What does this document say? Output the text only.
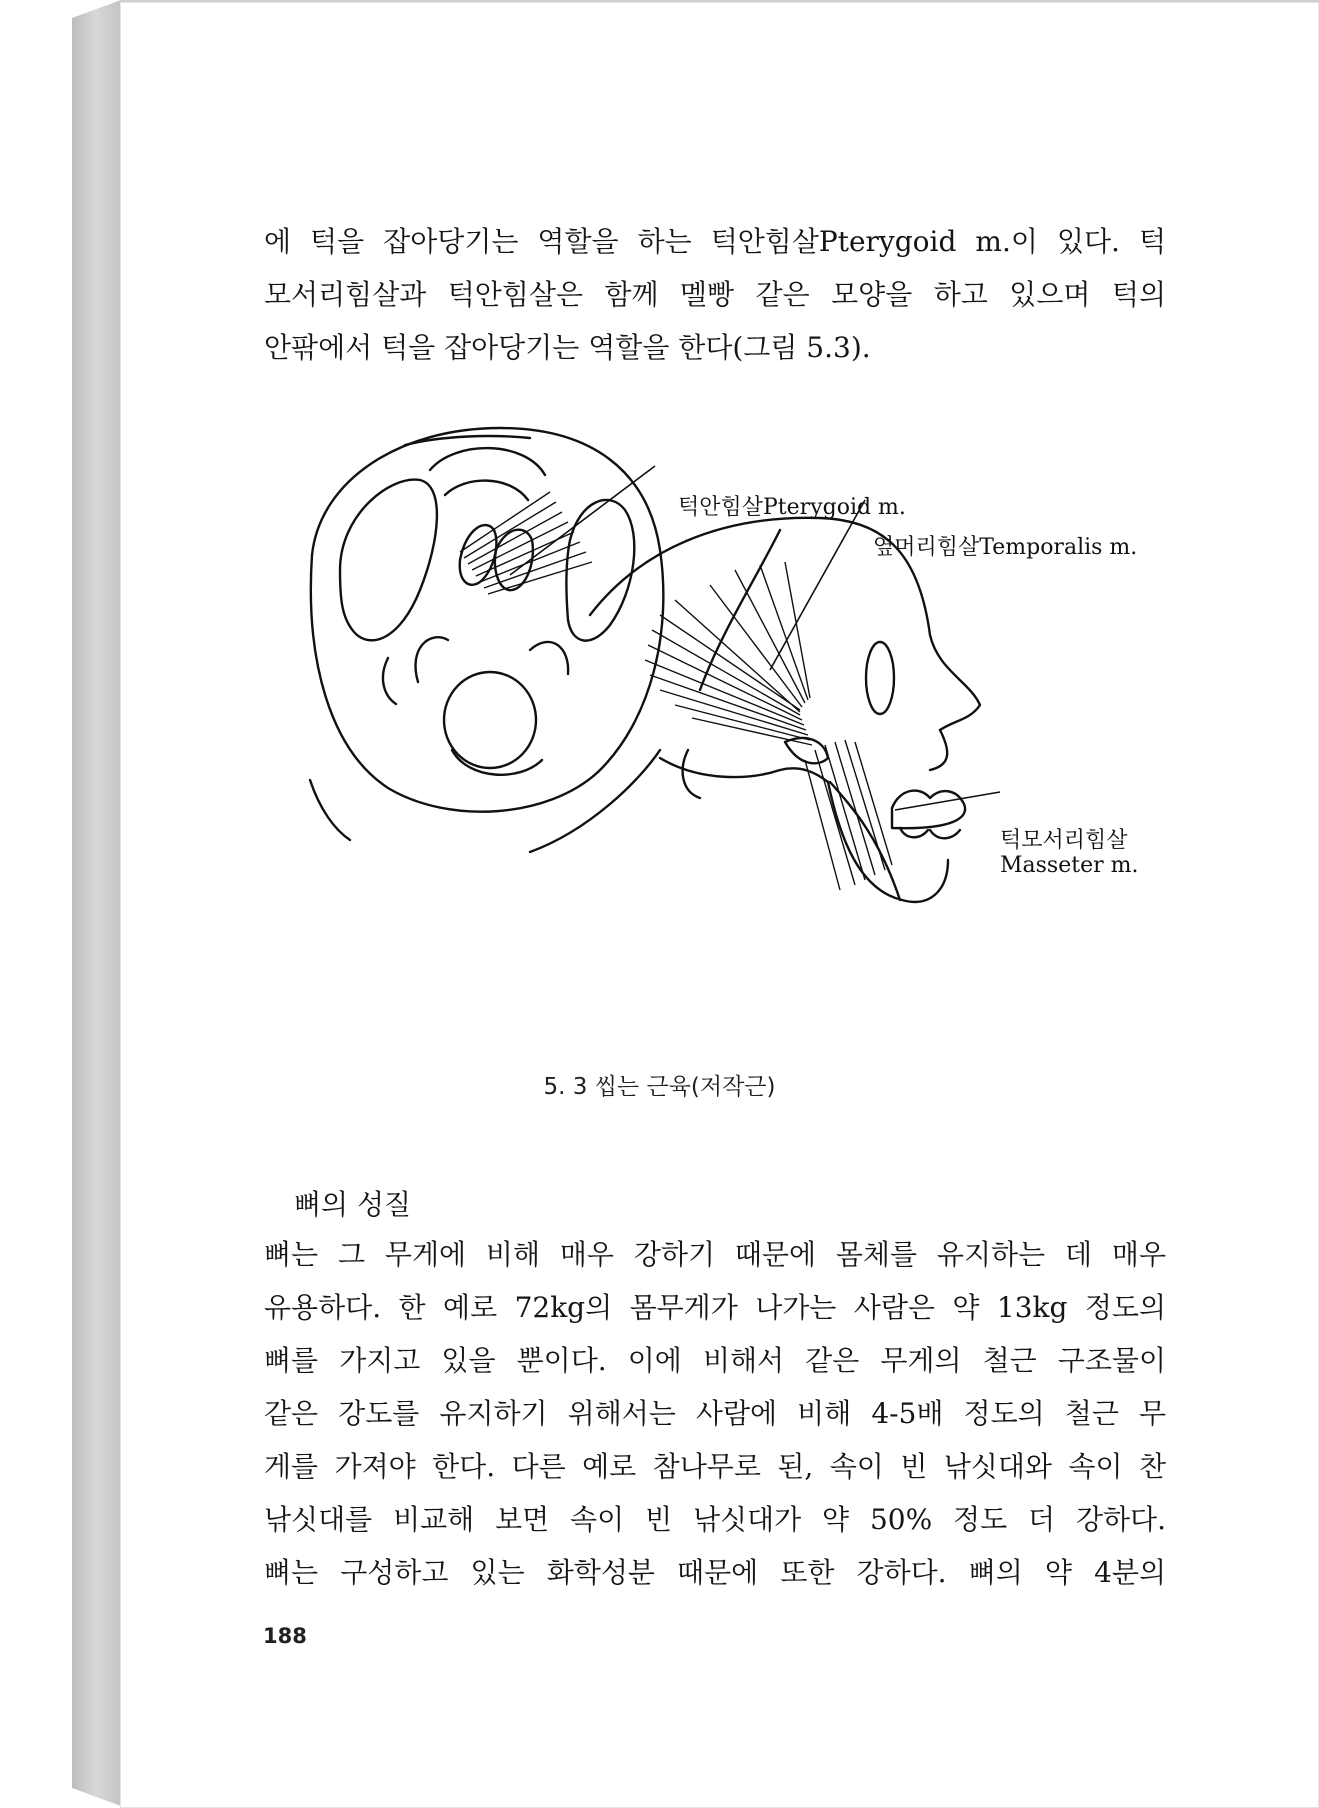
에 턱을 잡아당기는 역할을 하는 턱안힘살Pterygoid m.이 있다. 턱
모서리힘살과 턱안힘살은 함께 멜빵 같은 모양을 하고 있으며 턱의
안팎에서 턱을 잡아당기는 역할을 한다(그림 5.3).
턱안힘살Pterygoid m.
옆머리힘살Temporalis m.
턱모서리힘살
Masseter m.
5. 3 씹는 근육(저작근)
뼈의 성질
뼈는 그 무게에 비해 매우 강하기 때문에 몸체를 유지하는 데 매우
유용하다. 한 예로 72kg의 몸무게가 나가는 사람은 약 13kg 정도의
뼈를 가지고 있을 뿐이다. 이에 비해서 같은 무게의 철근 구조물이
같은 강도를 유지하기 위해서는 사람에 비해 4-5배 정도의 철근 무
게를 가져야 한다. 다른 예로 참나무로 된, 속이 빈 낚싯대와 속이 찬
낚싯대를 비교해 보면 속이 빈 낚싯대가 약 50% 정도 더 강하다.
뼈는 구성하고 있는 화학성분 때문에 또한 강하다. 뼈의 약 4분의
188
